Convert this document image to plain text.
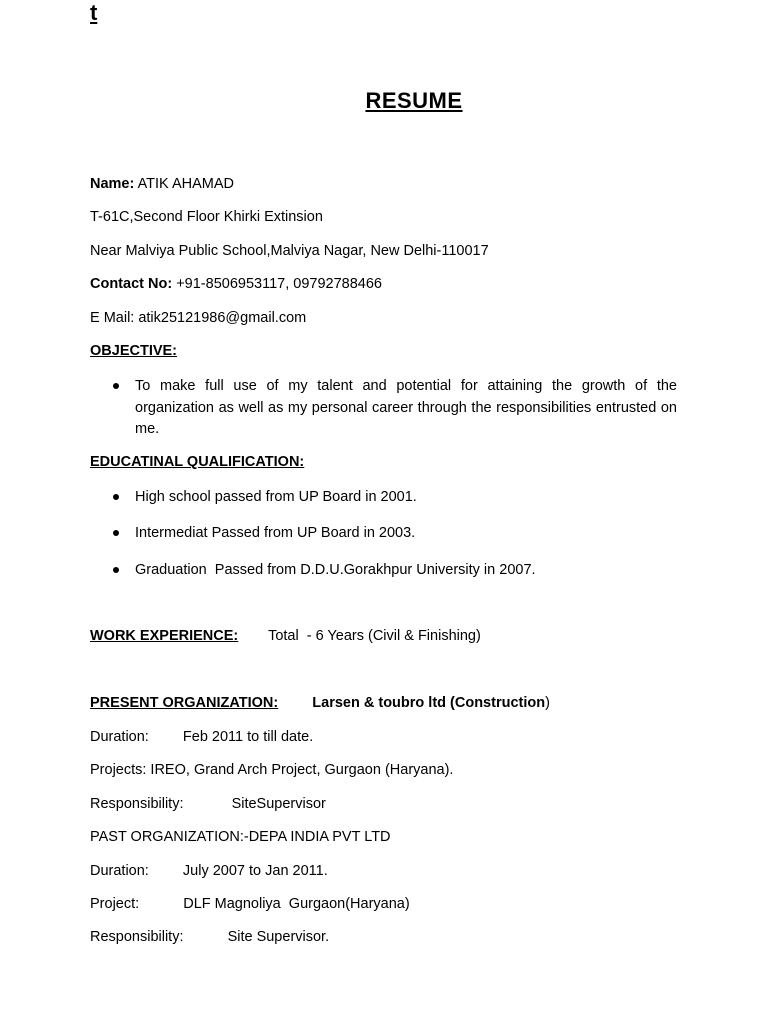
t
RESUME
Name: ATIK AHAMAD
T-61C,Second Floor Khirki Extinsion
Near Malviya Public School,Malviya Nagar, New Delhi-110017
Contact No: +91-8506953117, 09792788466
E Mail: atik25121986@gmail.com
OBJECTIVE:
To make full use of my talent and potential for attaining the growth of the organization as well as my personal career through the responsibilities entrusted on me.
EDUCATINAL QUALIFICATION:
High school passed from UP Board in 2001.
Intermediat Passed from UP Board in 2003.
Graduation  Passed from D.D.U.Gorakhpur University in 2007.
WORK EXPERIENCE: Total  - 6 Years (Civil & Finishing)
PRESENT ORGANIZATION: Larsen & toubro ltd (Construction)
Duration: Feb 2011 to till date.
Projects: IREO, Grand Arch Project, Gurgaon (Haryana).
Responsibility:	SiteSupervisor
PAST ORGANIZATION:-DEPA INDIA PVT LTD
Duration: July 2007 to Jan 2011.
Project:	DLF Magnoliya  Gurgaon(Haryana)
Responsibility:	Site Supervisor.
